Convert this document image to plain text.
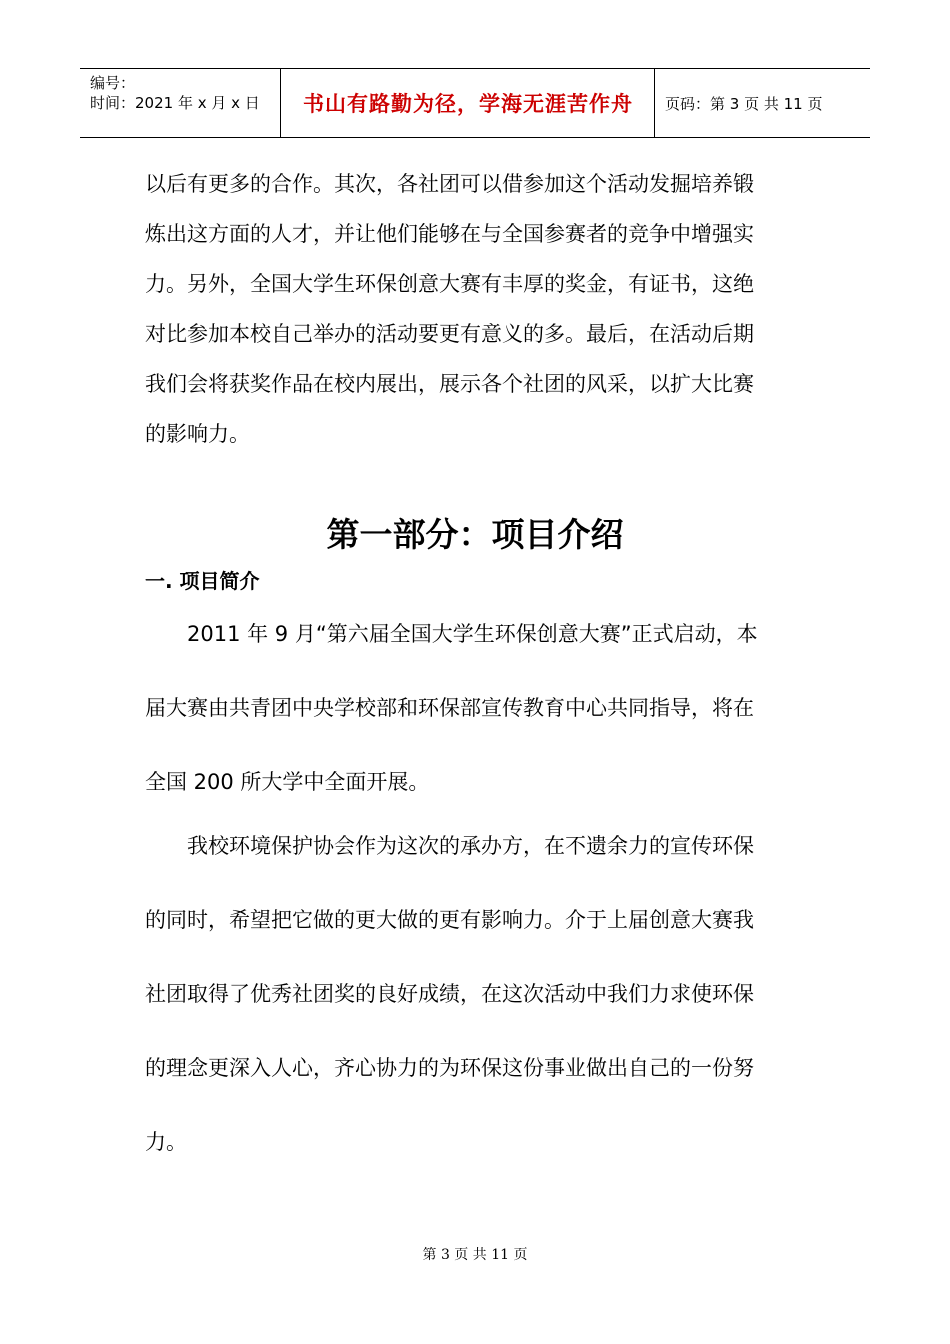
编号：
时间：2021 年 x 月 x 日	书山有路勤为径，学海无涯苦作舟	页码：第 3 页 共 11 页
以后有更多的合作。其次，各社团可以借参加这个活动发掘培养锻
炼出这方面的人才，并让他们能够在与全国参赛者的竞争中增强实
力。另外，全国大学生环保创意大赛有丰厚的奖金，有证书，这绝
对比参加本校自己举办的活动要更有意义的多。最后，在活动后期
我们会将获奖作品在校内展出，展示各个社团的风采，以扩大比赛
的影响力。
第一部分：项目介绍
一. 项目简介
　　2011 年 9 月“第六届全国大学生环保创意大赛”正式启动，本
届大赛由共青团中央学校部和环保部宣传教育中心共同指导，将在
全国 200 所大学中全面开展。
　　我校环境保护协会作为这次的承办方，在不遗余力的宣传环保
的同时，希望把它做的更大做的更有影响力。介于上届创意大赛我
社团取得了优秀社团奖的良好成绩，在这次活动中我们力求使环保
的理念更深入人心，齐心协力的为环保这份事业做出自己的一份努
力。
第 3 页 共 11 页
